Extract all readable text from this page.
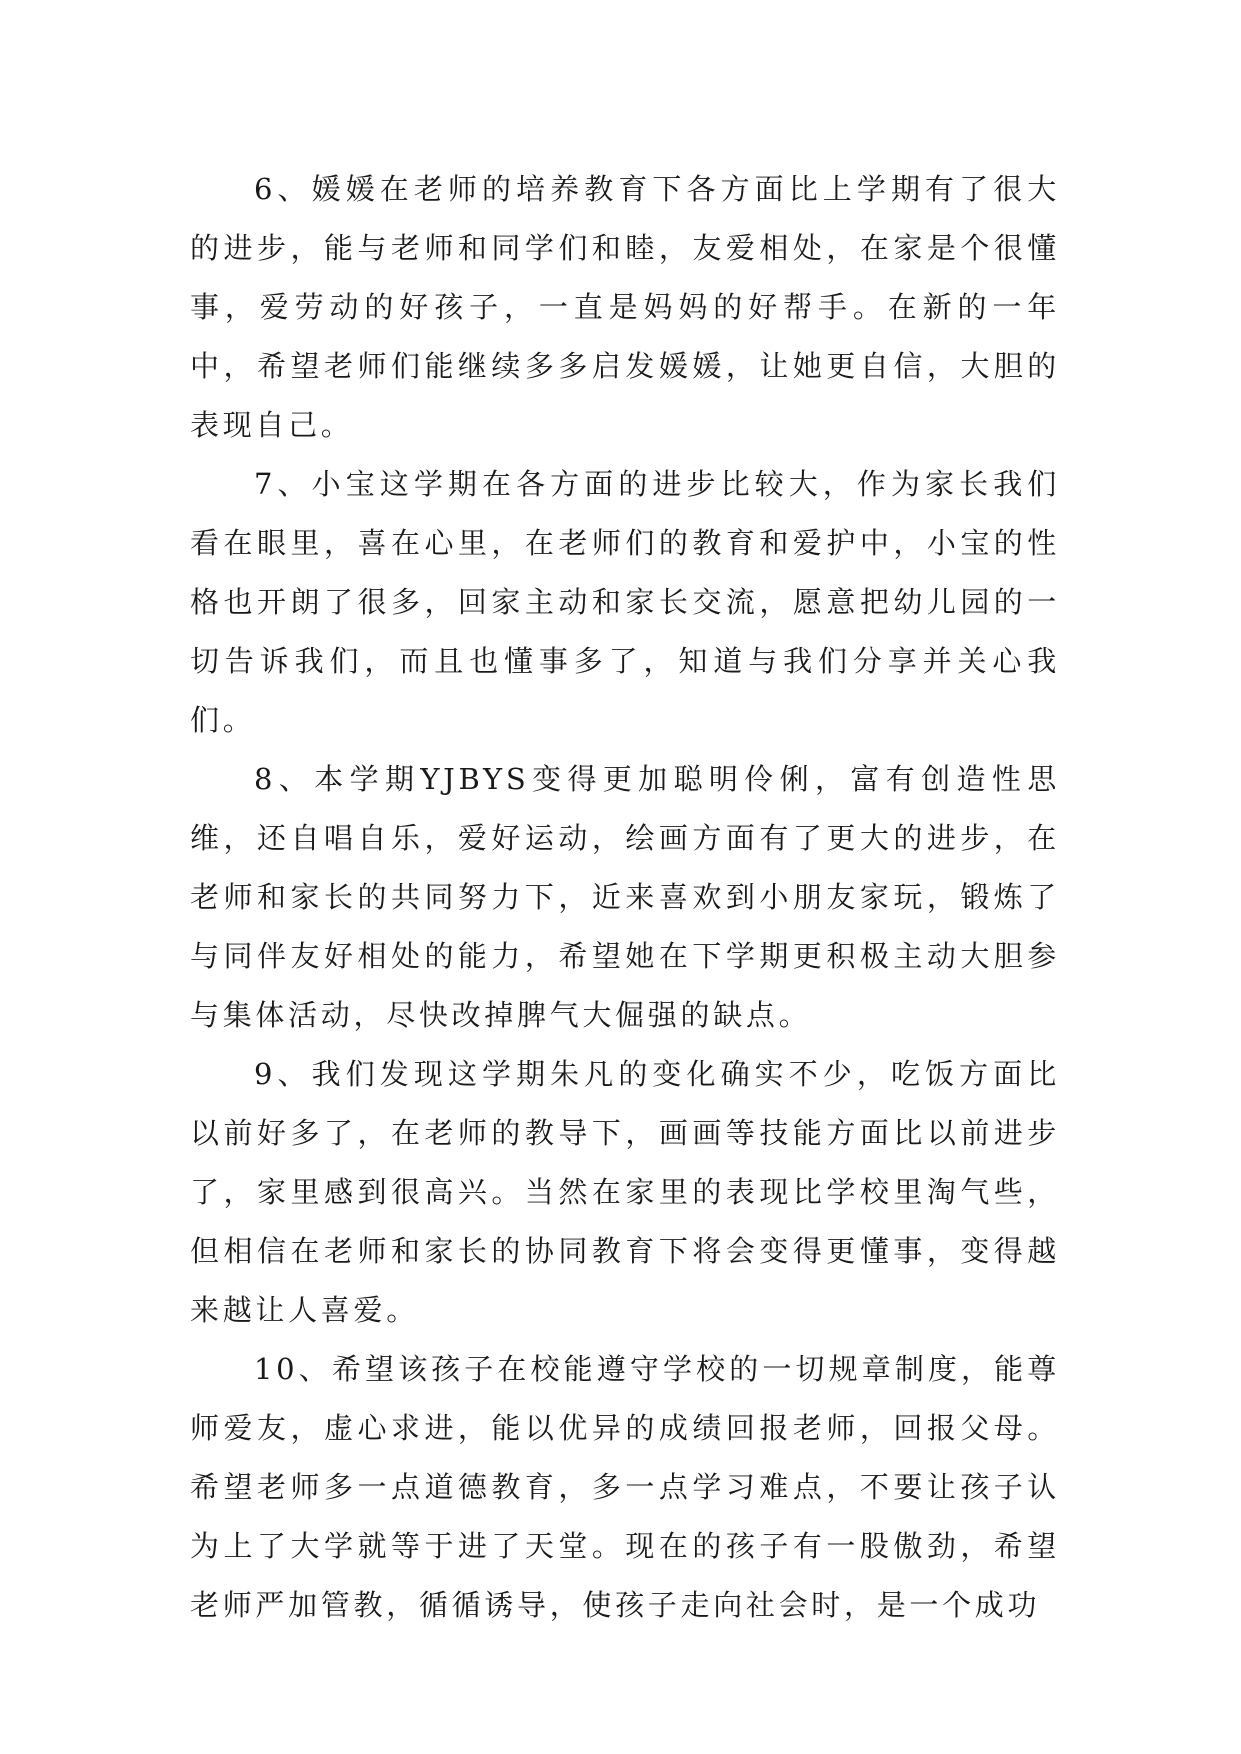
6、媛媛在老师的培养教育下各方面比上学期有了很大的进步，能与老师和同学们和睦，友爱相处，在家是个很懂事，爱劳动的好孩子，一直是妈妈的好帮手。在新的一年中，希望老师们能继续多多启发媛媛，让她更自信，大胆的表现自己。

7、小宝这学期在各方面的进步比较大，作为家长我们看在眼里，喜在心里，在老师们的教育和爱护中，小宝的性格也开朗了很多，回家主动和家长交流，愿意把幼儿园的一切告诉我们，而且也懂事多了，知道与我们分享并关心我们。

8、本学期YJBYS变得更加聪明伶俐，富有创造性思维，还自唱自乐，爱好运动，绘画方面有了更大的进步，在老师和家长的共同努力下，近来喜欢到小朋友家玩，锻炼了与同伴友好相处的能力，希望她在下学期更积极主动大胆参与集体活动，尽快改掉脾气大倔强的缺点。

9、我们发现这学期朱凡的变化确实不少，吃饭方面比以前好多了，在老师的教导下，画画等技能方面比以前进步了，家里感到很高兴。当然在家里的表现比学校里淘气些，但相信在老师和家长的协同教育下将会变得更懂事，变得越来越让人喜爱。

10、希望该孩子在校能遵守学校的一切规章制度，能尊师爱友，虚心求进，能以优异的成绩回报老师，回报父母。希望老师多一点道德教育，多一点学习难点，不要让孩子认为上了大学就等于进了天堂。现在的孩子有一股傲劲，希望老师严加管教，循循诱导，使孩子走向社会时，是一个成功
